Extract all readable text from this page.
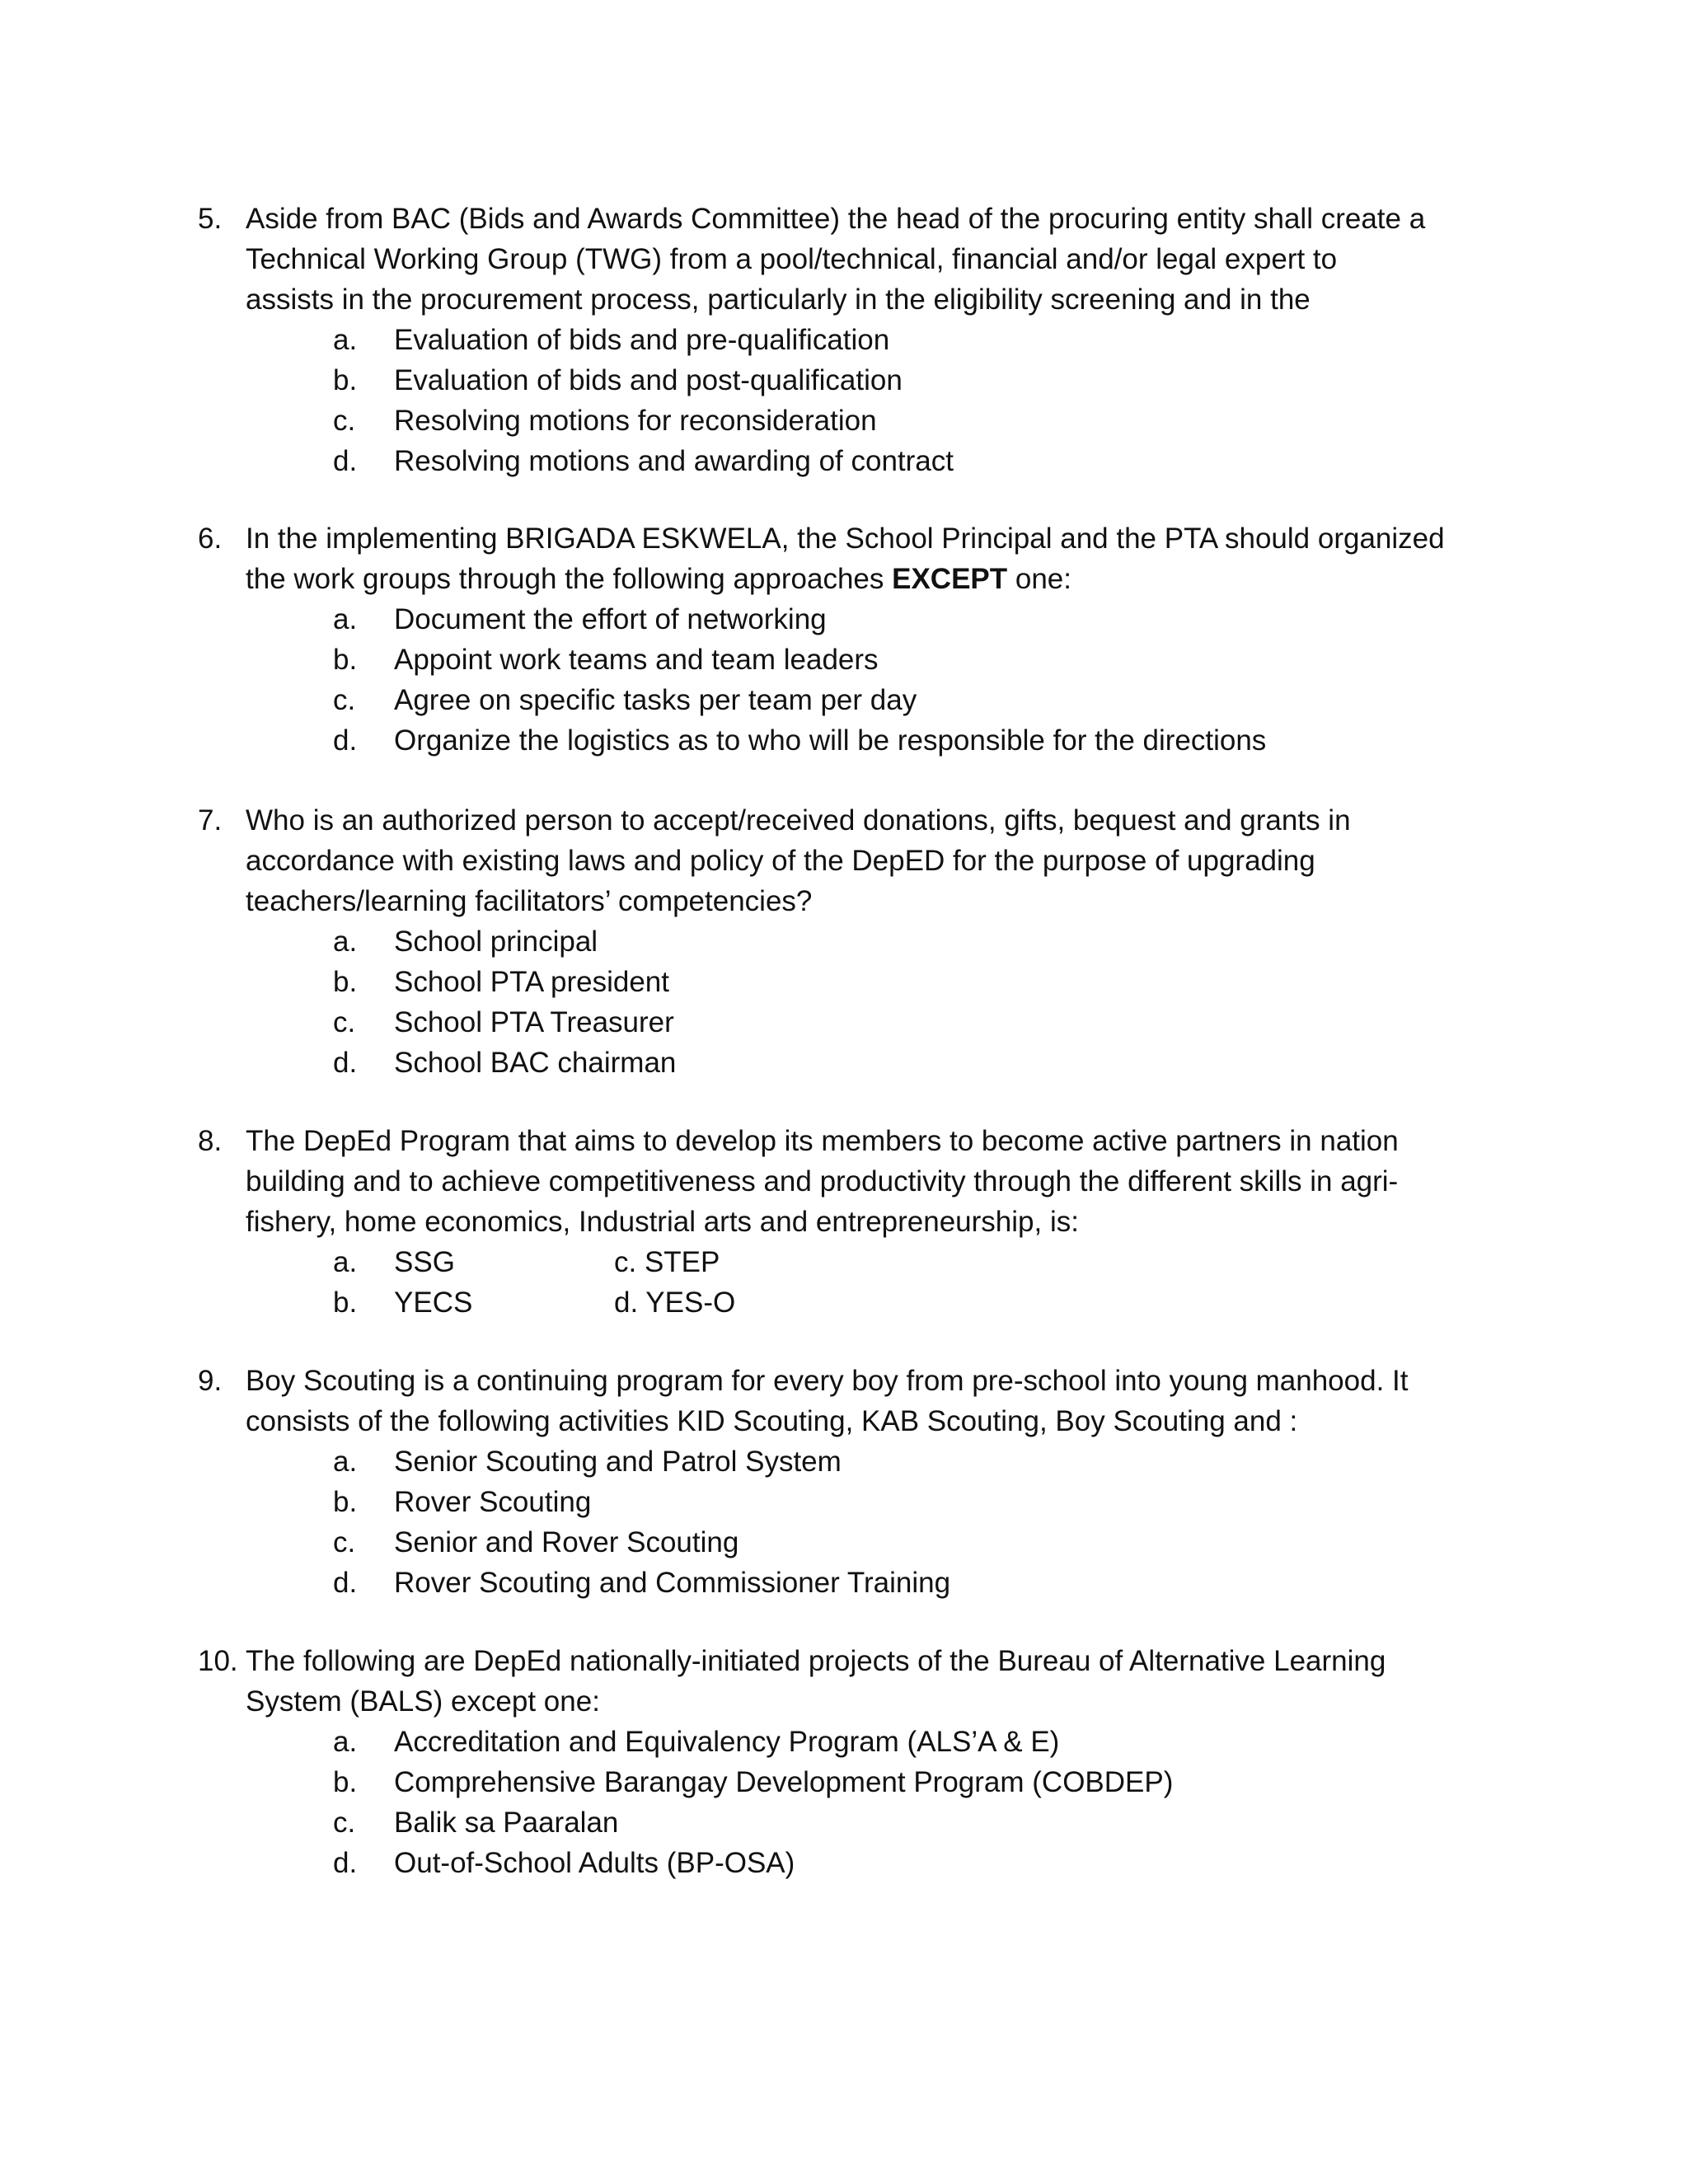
5. Aside from BAC (Bids and Awards Committee) the head of the procuring entity shall create a
Technical Working Group (TWG) from a pool/technical, financial and/or legal expert to
assists in the procurement process, particularly in the eligibility screening and in the
a. Evaluation of bids and pre-qualification
b. Evaluation of bids and post-qualification
c. Resolving motions for reconsideration
d. Resolving motions and awarding of contract
6. In the implementing BRIGADA ESKWELA, the School Principal and the PTA should organized
the work groups through the following approaches EXCEPT one:
a. Document the effort of networking
b. Appoint work teams and team leaders
c. Agree on specific tasks per team per day
d. Organize the logistics as to who will be responsible for the directions
7. Who is an authorized person to accept/received donations, gifts, bequest and grants in
accordance with existing laws and policy of the DepED for the purpose of upgrading
teachers/learning facilitators’ competencies?
a. School principal
b. School PTA president
c. School PTA Treasurer
d. School BAC chairman
8. The DepEd Program that aims to develop its members to become active partners in nation
building and to achieve competitiveness and productivity through the different skills in agri-
fishery, home economics, Industrial arts and entrepreneurship, is:
a. SSG	c. STEP
b. YECS	d. YES-O
9. Boy Scouting is a continuing program for every boy from pre-school into young manhood. It
consists of the following activities KID Scouting, KAB Scouting, Boy Scouting and :
a. Senior Scouting and Patrol System
b. Rover Scouting
c. Senior and Rover Scouting
d. Rover Scouting and Commissioner Training
10. The following are DepEd nationally-initiated projects of the Bureau of Alternative Learning
System (BALS) except one:
a. Accreditation and Equivalency Program (ALS’A & E)
b. Comprehensive Barangay Development Program (COBDEP)
c. Balik sa Paaralan
d. Out-of-School Adults (BP-OSA)
